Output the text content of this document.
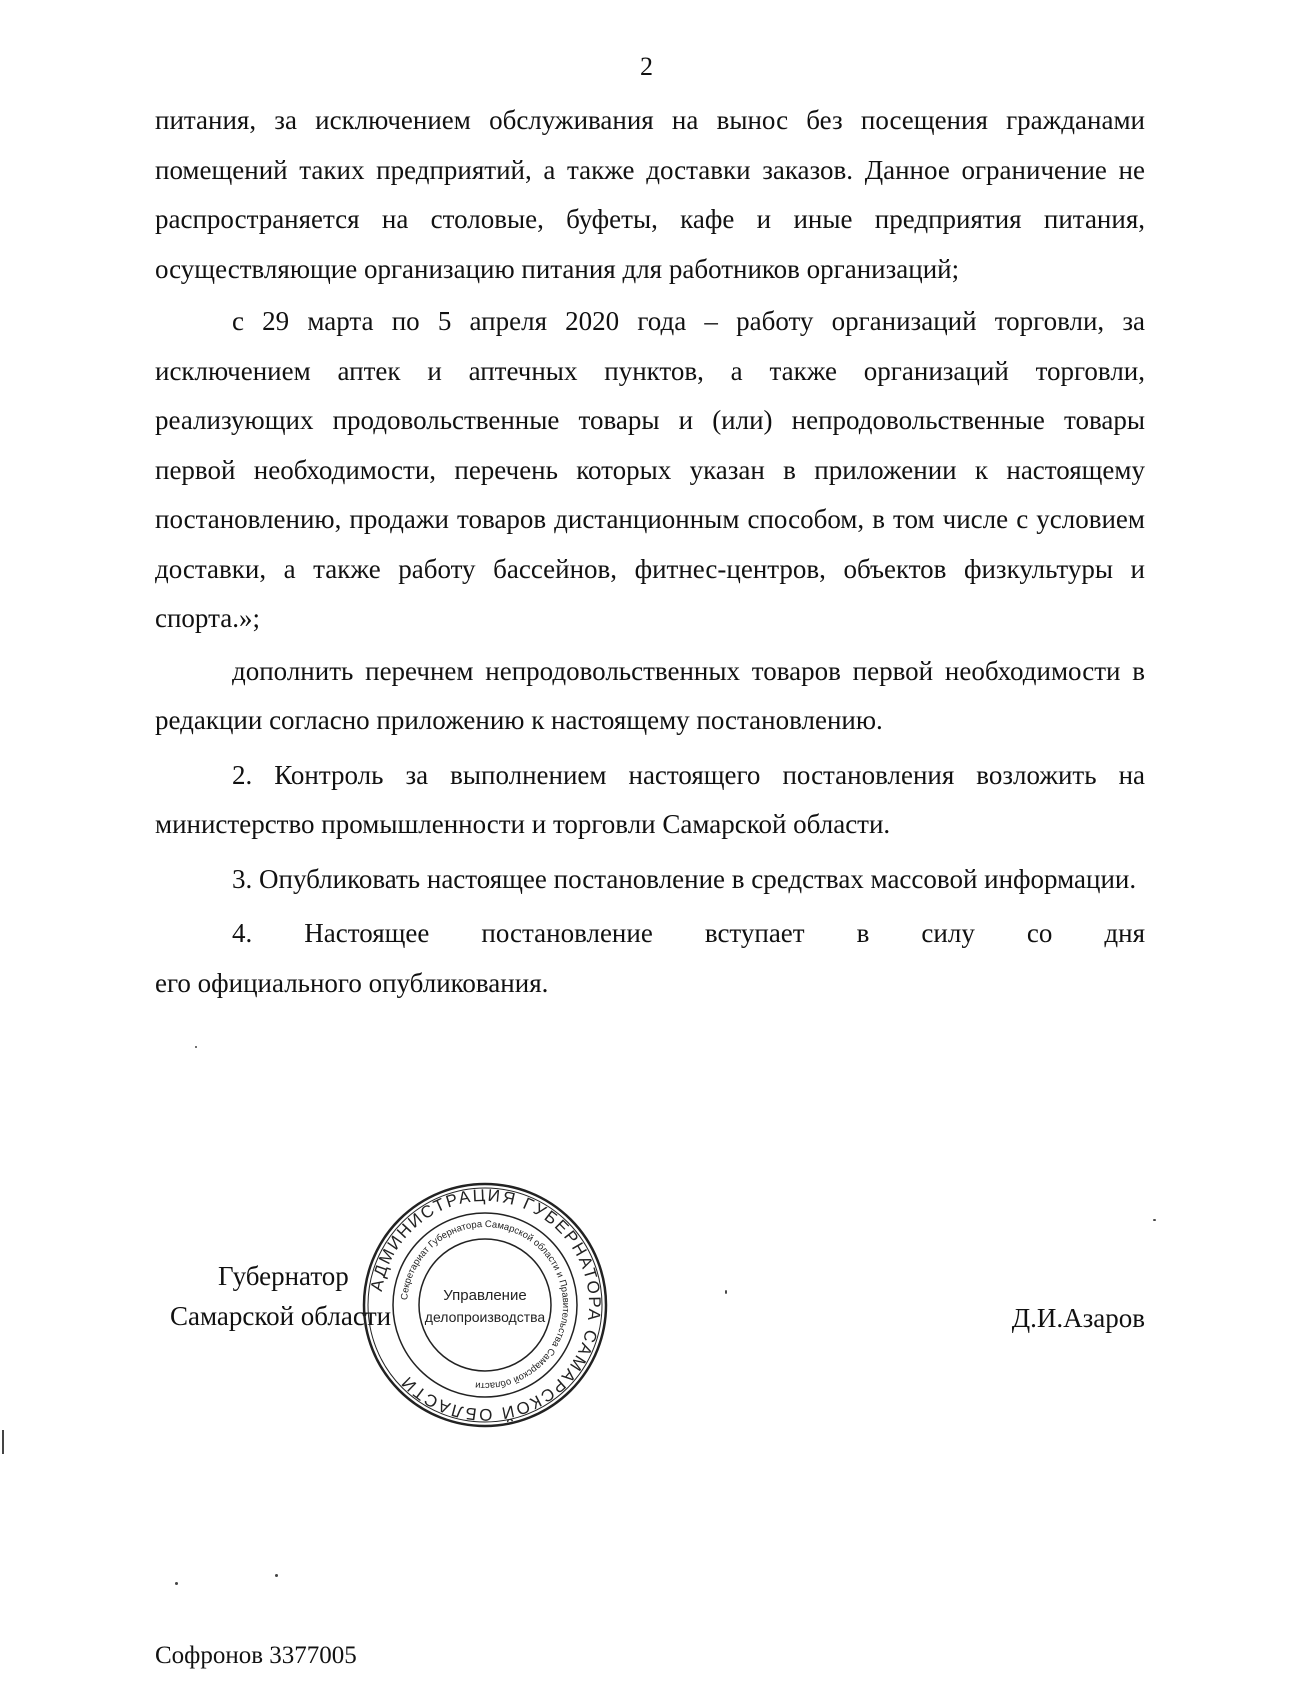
2

питания, за исключением обслуживания на вынос без посещения гражданами помещений таких предприятий, а также доставки заказов. Данное ограничение не распространяется на столовые, буфеты, кафе и иные предприятия питания, осуществляющие организацию питания для работников организаций;

с 29 марта по 5 апреля 2020 года – работу организаций торговли, за исключением аптек и аптечных пунктов, а также организаций торговли, реализующих продовольственные товары и (или) непродовольственные товары первой необходимости, перечень которых указан в приложении к настоящему постановлению, продажи товаров дистанционным способом, в том числе с условием доставки, а также работу бассейнов, фитнес-центров, объектов физкультуры и спорта.»;

дополнить перечнем непродовольственных товаров первой необходимости в редакции согласно приложению к настоящему постановлению.

2. Контроль за выполнением настоящего постановления возложить на министерство промышленности и торговли Самарской области.

3. Опубликовать настоящее постановление в средствах массовой информации.

4. Настоящее постановление вступает в силу со дня

его официального опубликования.

Губернатор
Самарской области	Д.И.Азаров
АДМИНИСТРАЦИЯ ГУБЕРНАТОРА САМАРСКОЙ ОБЛАСТИ
Секретариат Губернатора Самарской области и Правительства Самарской области
Управление
делопроизводства
Софронов 3377005
